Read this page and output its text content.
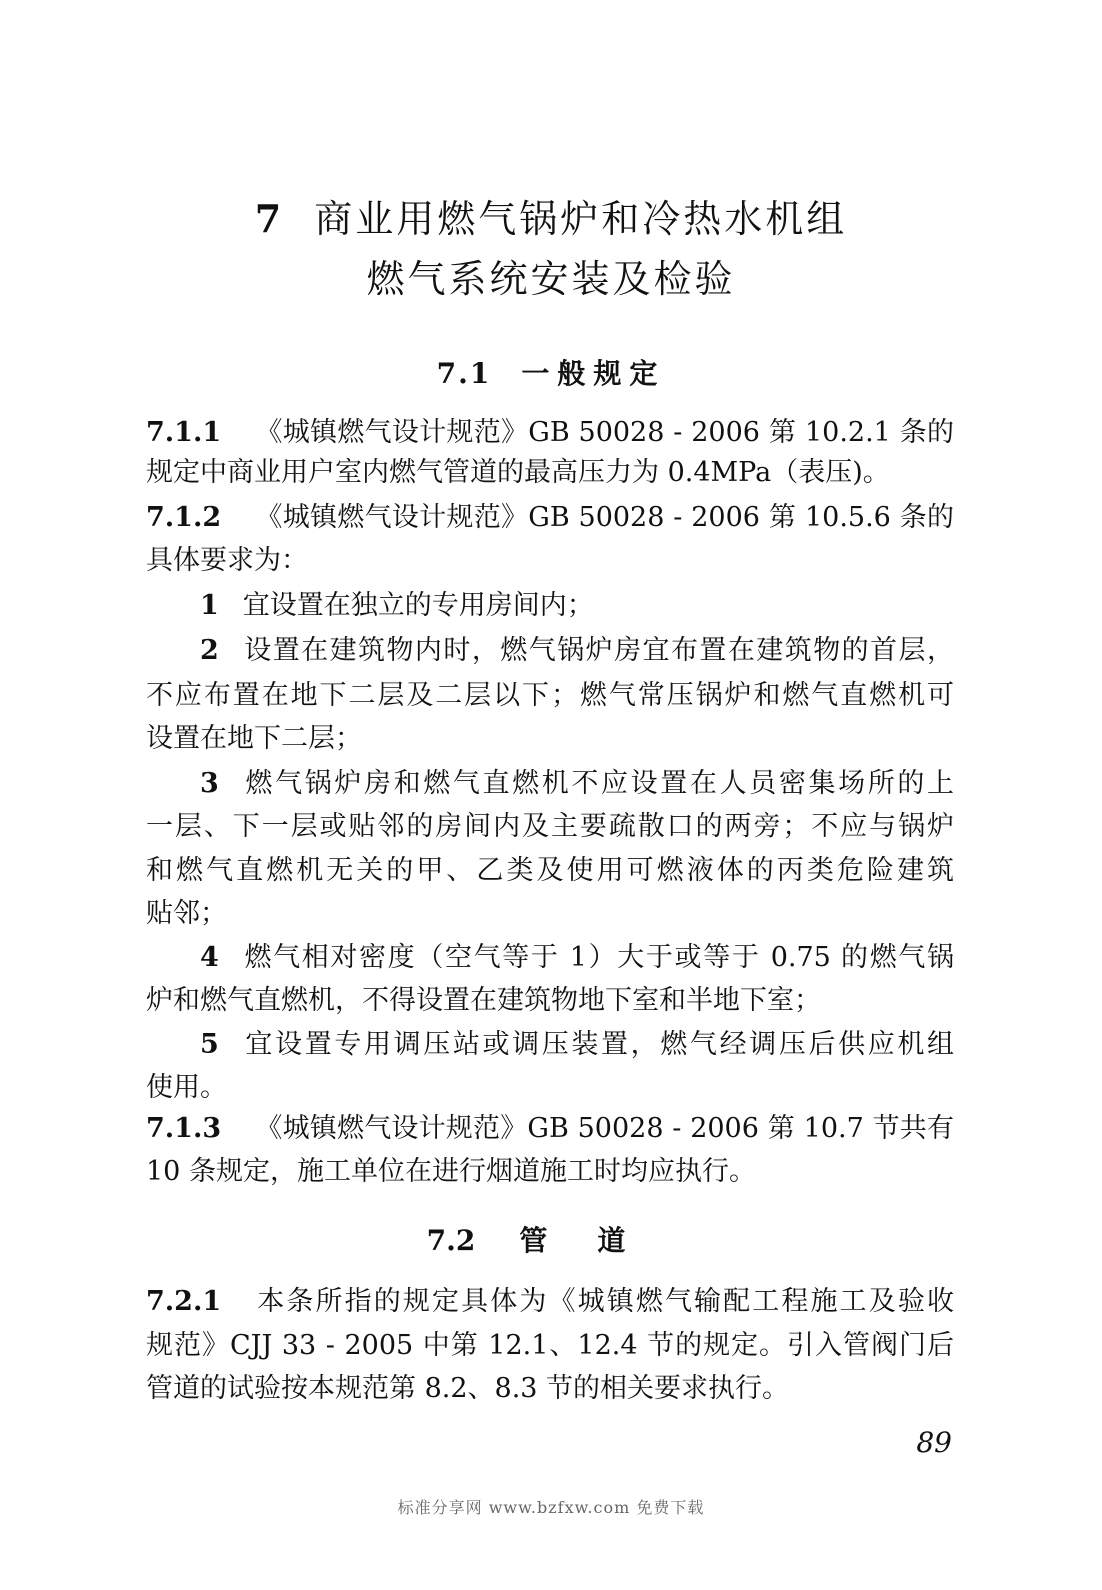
7 商业用燃气锅炉和冷热水机组
燃气系统安装及检验
7.1 一般规定
7.1.1 《城镇燃气设计规范》GB 50028 - 2006 第 10.2.1 条的
规定中商业用户室内燃气管道的最高压力为 0.4MPa（表压)。
7.1.2 《城镇燃气设计规范》GB 50028 - 2006 第 10.5.6 条的
具体要求为：
1 宜设置在独立的专用房间内；
2 设置在建筑物内时，燃气锅炉房宜布置在建筑物的首层，
不应布置在地下二层及二层以下；燃气常压锅炉和燃气直燃机可
设置在地下二层；
3 燃气锅炉房和燃气直燃机不应设置在人员密集场所的上
一层、下一层或贴邻的房间内及主要疏散口的两旁；不应与锅炉
和燃气直燃机无关的甲、乙类及使用可燃液体的丙类危险建筑
贴邻；
4 燃气相对密度（空气等于 1）大于或等于 0.75 的燃气锅
炉和燃气直燃机，不得设置在建筑物地下室和半地下室；
5 宜设置专用调压站或调压装置，燃气经调压后供应机组
使用。
7.1.3 《城镇燃气设计规范》GB 50028 - 2006 第 10.7 节共有
10 条规定，施工单位在进行烟道施工时均应执行。
7.2 管道
7.2.1 本条所指的规定具体为《城镇燃气输配工程施工及验收
规范》CJJ 33 - 2005 中第 12.1、12.4 节的规定。引入管阀门后
管道的试验按本规范第 8.2、8.3 节的相关要求执行。
89
标准分享网 www.bzfxw.com 免费下载
